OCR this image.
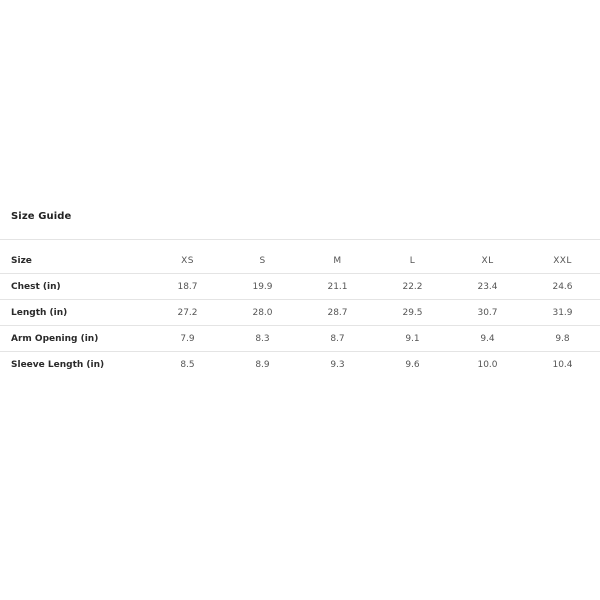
Size Guide
Size	XS	S	M	L	XL	XXL
Chest (in)	18.7	19.9	21.1	22.2	23.4	24.6
Length (in)	27.2	28.0	28.7	29.5	30.7	31.9
Arm Opening (in)	7.9	8.3	8.7	9.1	9.4	9.8
Sleeve Length (in)	8.5	8.9	9.3	9.6	10.0	10.4
